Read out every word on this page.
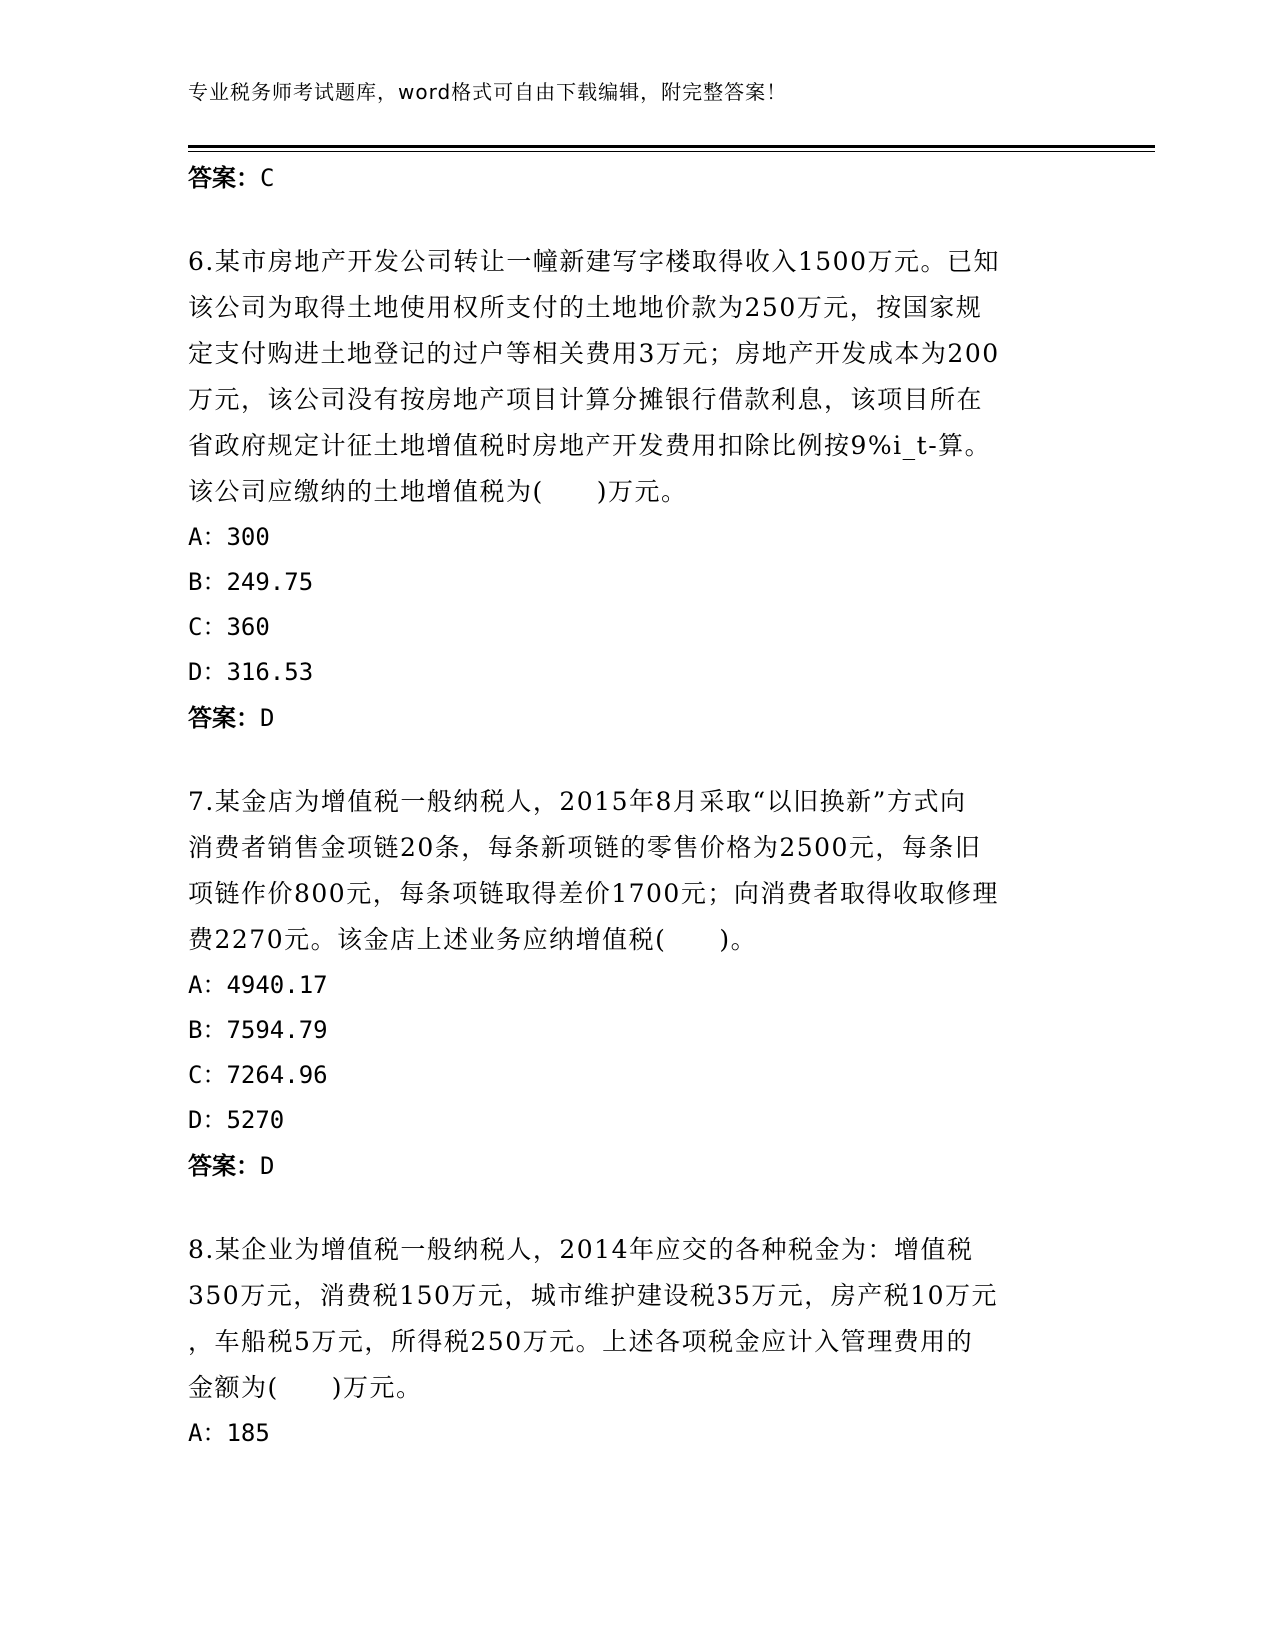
专业税务师考试题库，word格式可自由下载编辑，附完整答案！
答案：C
6.某市房地产开发公司转让一幢新建写字楼取得收入1500万元。已知
该公司为取得土地使用权所支付的土地地价款为250万元，按国家规
定支付购进土地登记的过户等相关费用3万元；房地产开发成本为200
万元，该公司没有按房地产项目计算分摊银行借款利息，该项目所在
省政府规定计征土地增值税时房地产开发费用扣除比例按9%i_t-算。
该公司应缴纳的土地增值税为(　　)万元。
A：300
B：249.75
C：360
D：316.53
答案：D
7.某金店为增值税一般纳税人，2015年8月采取“以旧换新”方式向
消费者销售金项链20条，每条新项链的零售价格为2500元，每条旧
项链作价800元，每条项链取得差价1700元；向消费者取得收取修理
费2270元。该金店上述业务应纳增值税(　　)。
A：4940.17
B：7594.79
C：7264.96
D：5270
答案：D
8.某企业为增值税一般纳税人，2014年应交的各种税金为：增值税
350万元，消费税150万元，城市维护建设税35万元，房产税10万元
，车船税5万元，所得税250万元。上述各项税金应计入管理费用的
金额为(　　)万元。
A：185
